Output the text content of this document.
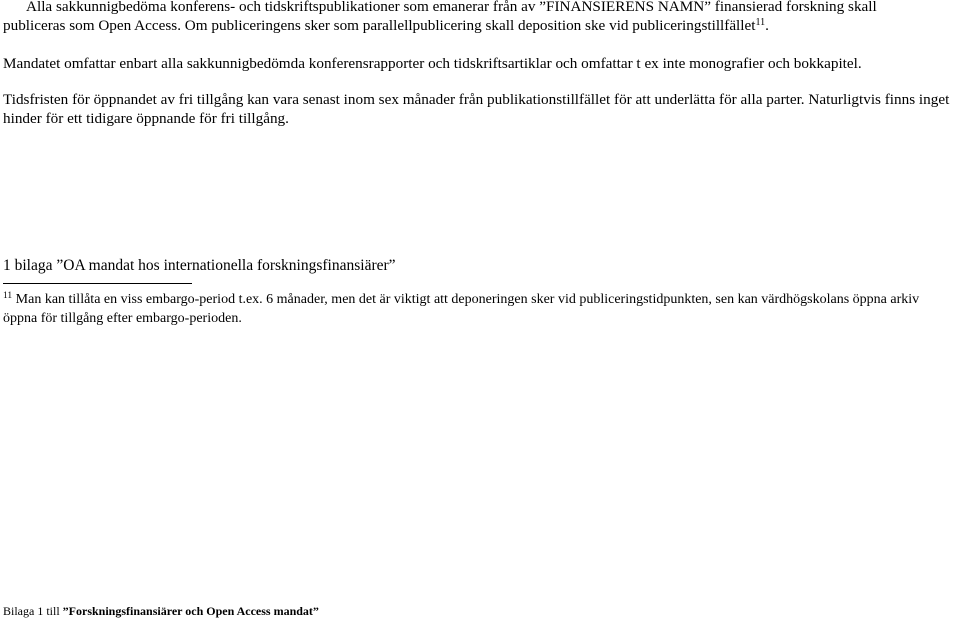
Alla sakkunnigbedöma konferens- och tidskriftspublikationer som emanerar från av ”FINANSIERENS NAMN” finansierad forskning skall
publiceras som Open Access. Om publiceringens sker som parallellpublicering skall deposition ske vid publiceringstillfället$^{11}$.
Mandatet omfattar enbart alla sakkunnigbedömda konferensrapporter och tidskriftsartiklar och omfattar t ex inte monografier och bokkapitel.
Tidsfristen för öppnandet av fri tillgång kan vara senast inom sex månader från publikationstillfället för att underlätta för alla parter. Naturligtvis finns inget hinder för ett tidigare öppnande för fri tillgång.
1 bilaga ”OA mandat hos internationella forskningsfinansiärer”
$^{11}$ Man kan tillåta en viss embargo-period t.ex. 6 månader, men det är viktigt att deponeringen sker vid publiceringstidpunkten, sen kan värdhögskolans öppna arkiv öppna för tillgång efter embargo-perioden.
Bilaga 1 till ”Forskningsfinansiärer och Open Access mandat”
